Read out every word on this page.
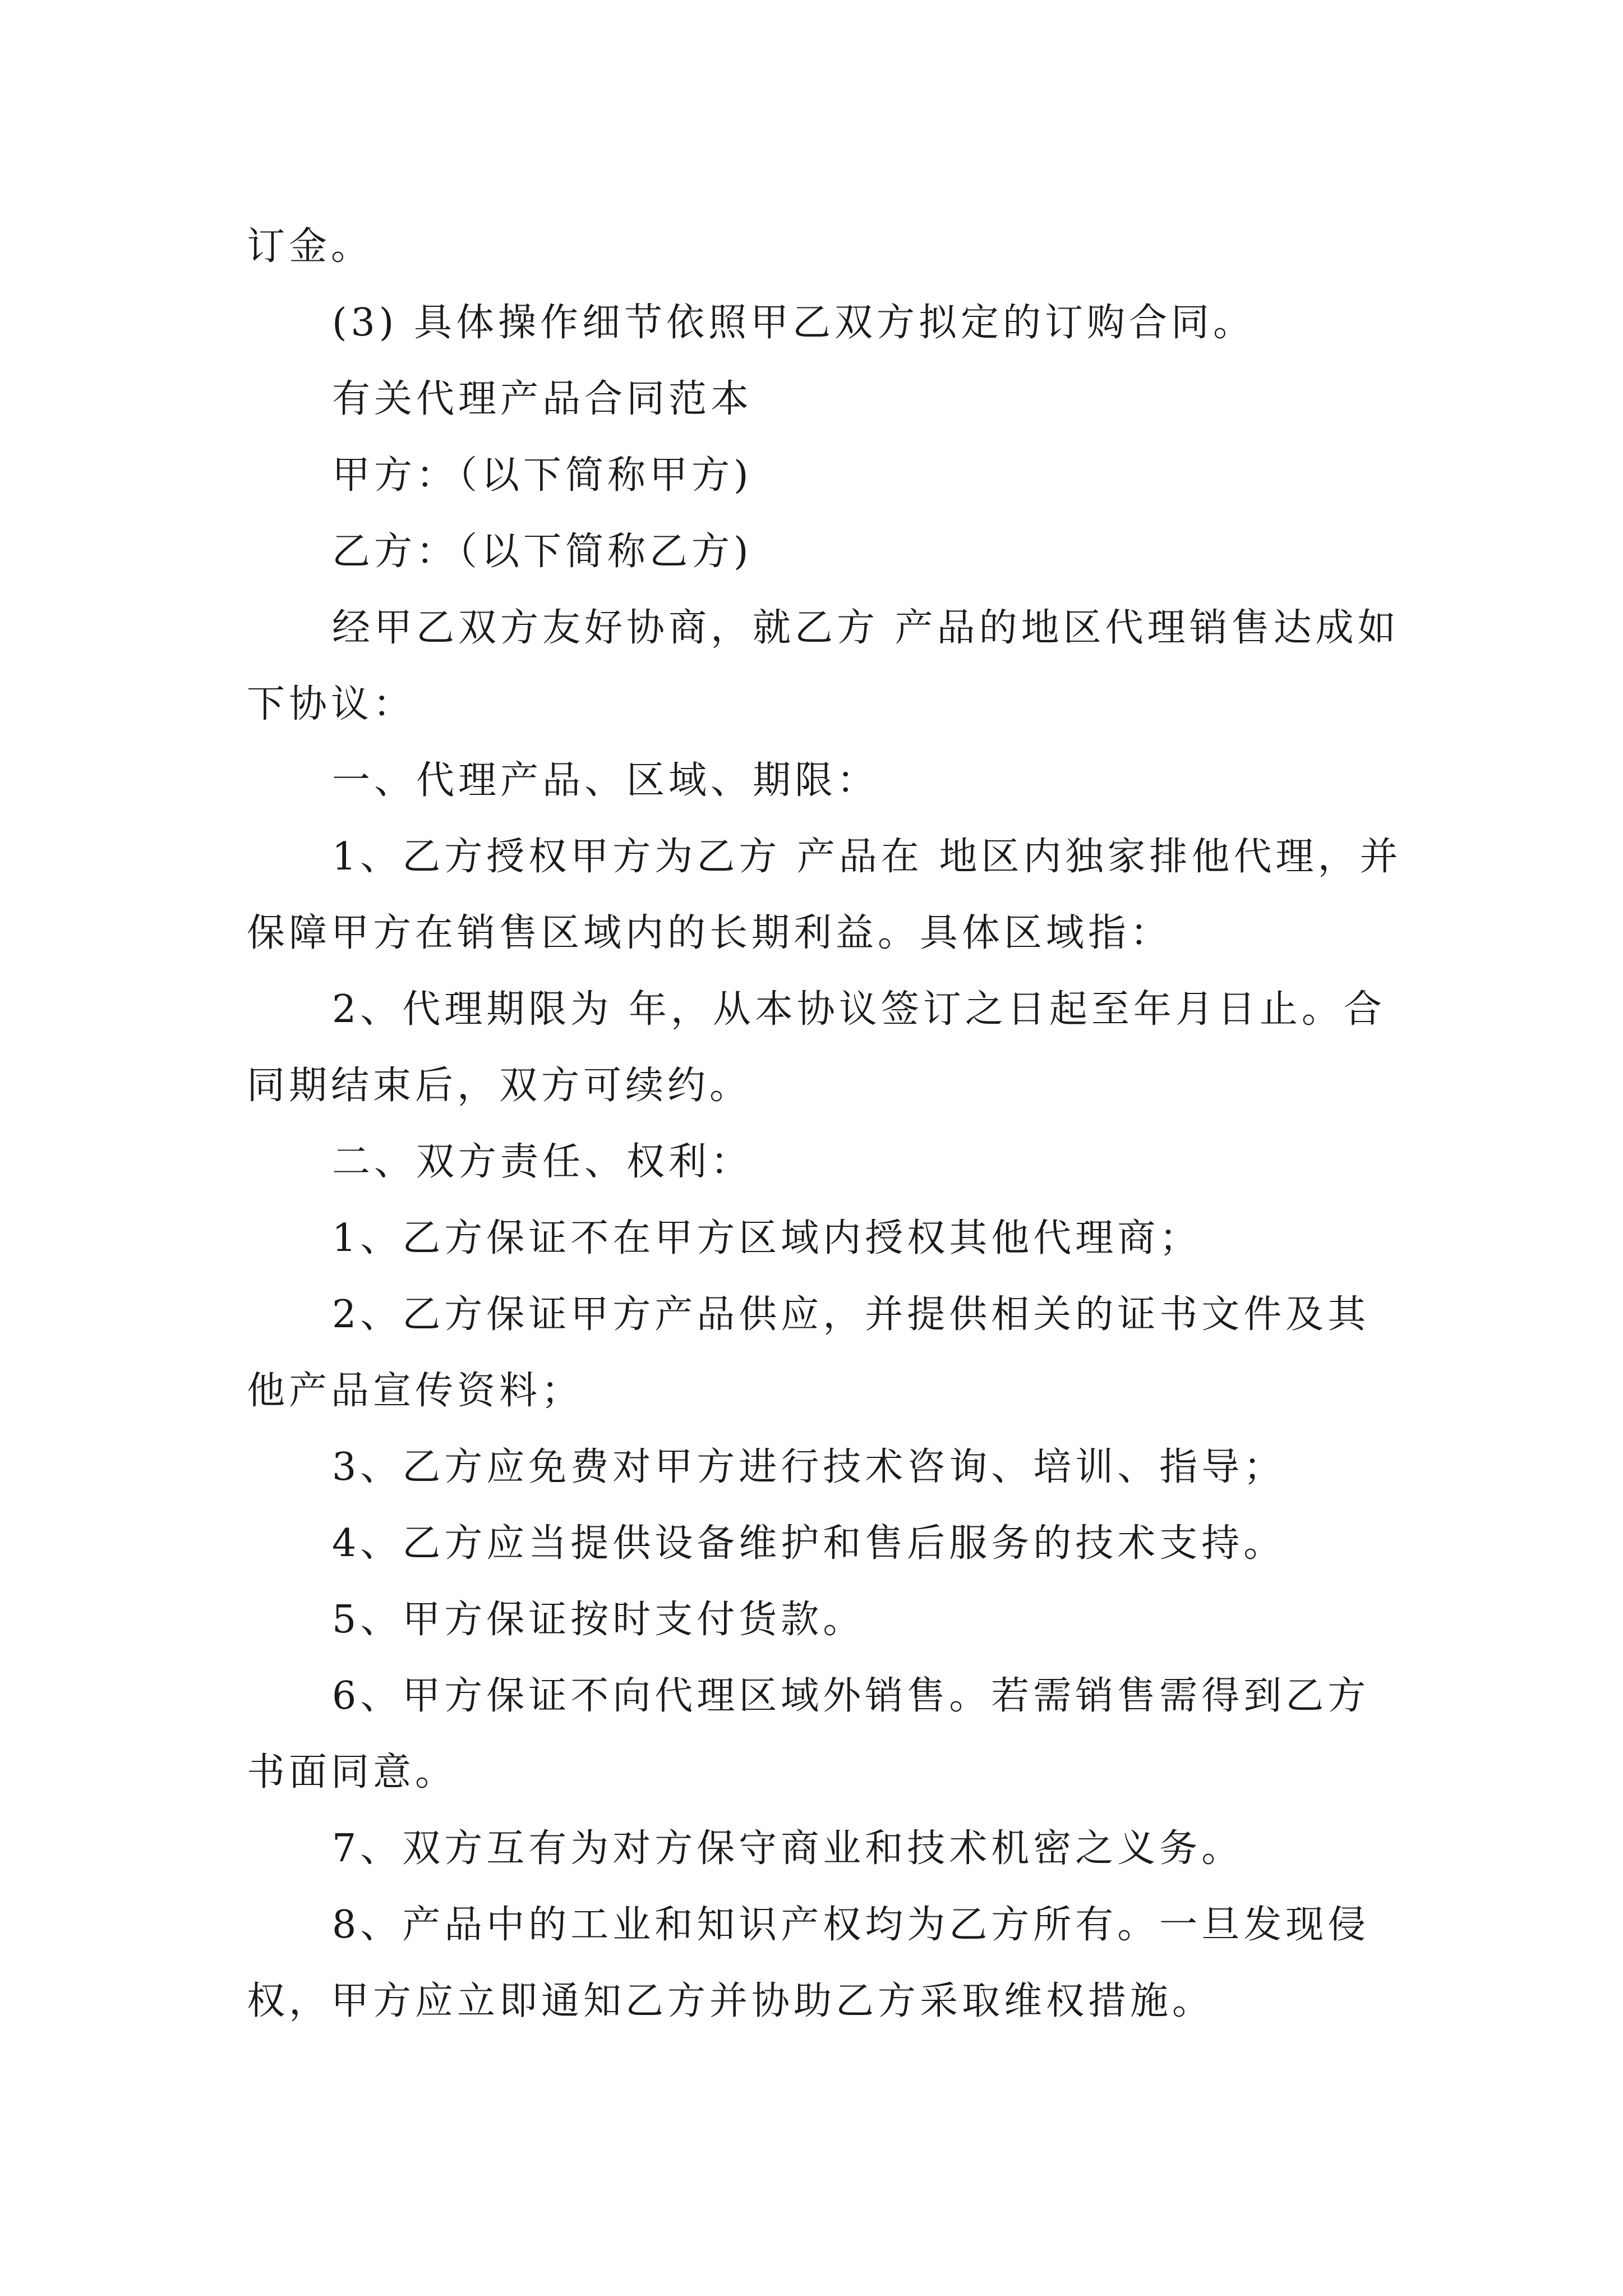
订金。

(3) 具体操作细节依照甲乙双方拟定的订购合同。

有关代理产品合同范本

甲方：（以下简称甲方)

乙方：（以下简称乙方)

经甲乙双方友好协商，就乙方 产品的地区代理销售达成如下协议：

一、代理产品、区域、期限：

1、乙方授权甲方为乙方 产品在 地区内独家排他代理，并保障甲方在销售区域内的长期利益。具体区域指：

2、代理期限为 年，从本协议签订之日起至年月日止。合同期结束后，双方可续约。

二、双方责任、权利：

1、乙方保证不在甲方区域内授权其他代理商；

2、乙方保证甲方产品供应，并提供相关的证书文件及其他产品宣传资料；

3、乙方应免费对甲方进行技术咨询、培训、指导；

4、乙方应当提供设备维护和售后服务的技术支持。

5、甲方保证按时支付货款。

6、甲方保证不向代理区域外销售。若需销售需得到乙方书面同意。

7、双方互有为对方保守商业和技术机密之义务。

8、产品中的工业和知识产权均为乙方所有。一旦发现侵权，甲方应立即通知乙方并协助乙方采取维权措施。
